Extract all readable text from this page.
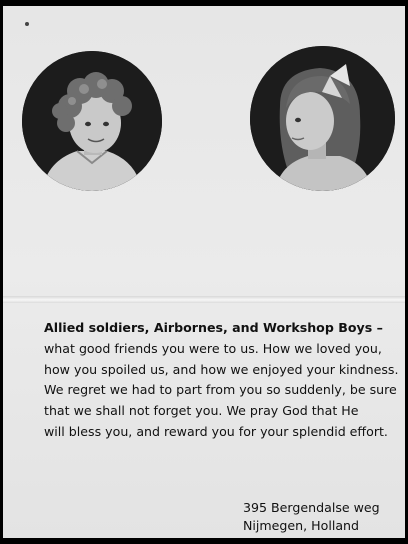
Allied soldiers, Airbornes, and Workshop Boys –
what good friends you were to us. How we loved you,
how you spoiled us, and how we enjoyed your kindness.
We regret we had to part from you so suddenly, be sure
that we shall not forget you. We pray God that He
will bless you, and reward you for your splendid effort.
395 Bergendalse weg
Nijmegen, Holland
